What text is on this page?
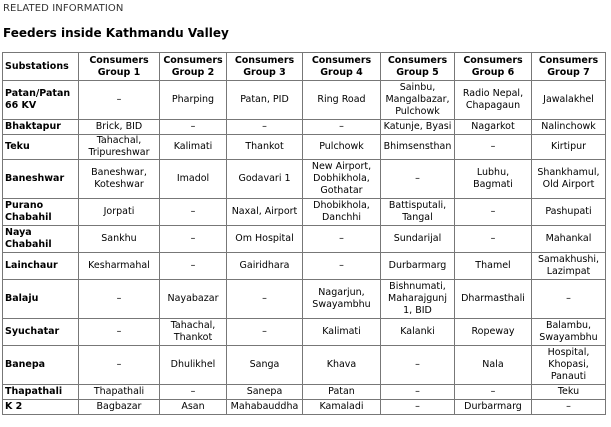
RELATED INFORMATION
Feeders inside Kathmandu Valley
Substations	Consumers Group 1	Consumers Group 2	Consumers Group 3	Consumers Group 4	Consumers Group 5	Consumers Group 6	Consumers Group 7
Patan/Patan 66 KV	–	Pharping	Patan, PID	Ring Road	Sainbu, Mangalbazar, Pulchowk	Radio Nepal, Chapagaun	Jawalakhel
Bhaktapur	Brick, BID	–	–	–	Katunje, Byasi	Nagarkot	Nalinchowk
Teku	Tahachal, Tripureshwar	Kalimati	Thankot	Pulchowk	Bhimsensthan	–	Kirtipur
Baneshwar	Baneshwar, Koteshwar	Imadol	Godavari 1	New Airport, Dobhikhola, Gothatar	–	Lubhu, Bagmati	Shankhamul, Old Airport
Purano Chabahil	Jorpati	–	Naxal, Airport	Dhobikhola, Danchhi	Battisputali, Tangal	–	Pashupati
Naya Chabahil	Sankhu	–	Om Hospital	–	Sundarijal	–	Mahankal
Lainchaur	Kesharmahal	–	Gairidhara	–	Durbarmarg	Thamel	Samakhushi, Lazimpat
Balaju	–	Nayabazar	–	Nagarjun, Swayambhu	Bishnumati, Maharajgunj 1, BID	Dharmasthali	–
Syuchatar	–	Tahachal, Thankot	–	Kalimati	Kalanki	Ropeway	Balambu, Swayambhu
Banepa	–	Dhulikhel	Sanga	Khava	–	Nala	Hospital, Khopasi, Panauti
Thapathali	Thapathali	–	Sanepa	Patan	–	–	Teku
K 2	Bagbazar	Asan	Mahabauddha	Kamaladi	–	Durbarmarg	–
